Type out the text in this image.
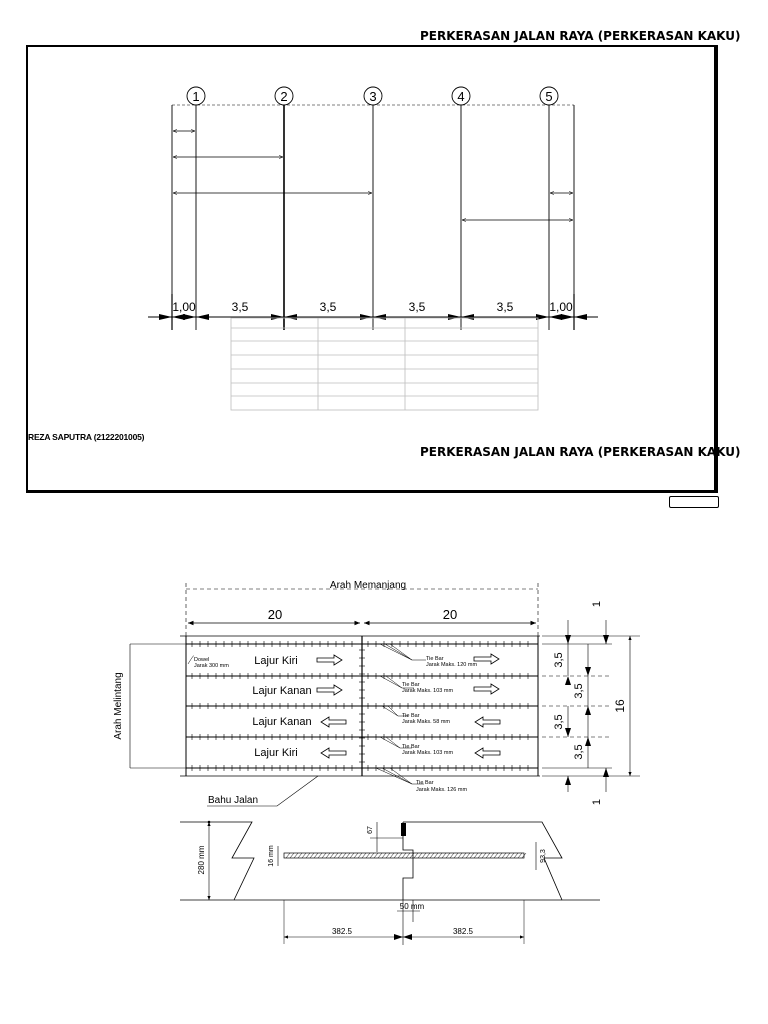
PERKERASAN JALAN RAYA (PERKERASAN KAKU)
PERKERASAN JALAN RAYA (PERKERASAN KAKU)
REZA SAPUTRA (2122201005)
1	2	3	4	5
1,00	3,5	3,5	3,5	3,5	1,00
Arah Memanjang
20	20
Arah Melintang
Lajur Kiri
Lajur Kanan
Lajur Kanan
Lajur Kiri
Dowel
Jarak 300 mm
Tie Bar
Jarak Maks. 120 mm
Tie Bar
Jarak Maks. 103 mm
Tie Bar
Jarak Maks. 58 mm
Tie Bar
Jarak Maks. 103 mm
Tie Bar
Jarak Maks. 126 mm
Bahu Jalan
1
3,5
3,5
3,5
3,5
1
16
280 mm	16 mm
67
93,3
50 mm
382.5	382.5
